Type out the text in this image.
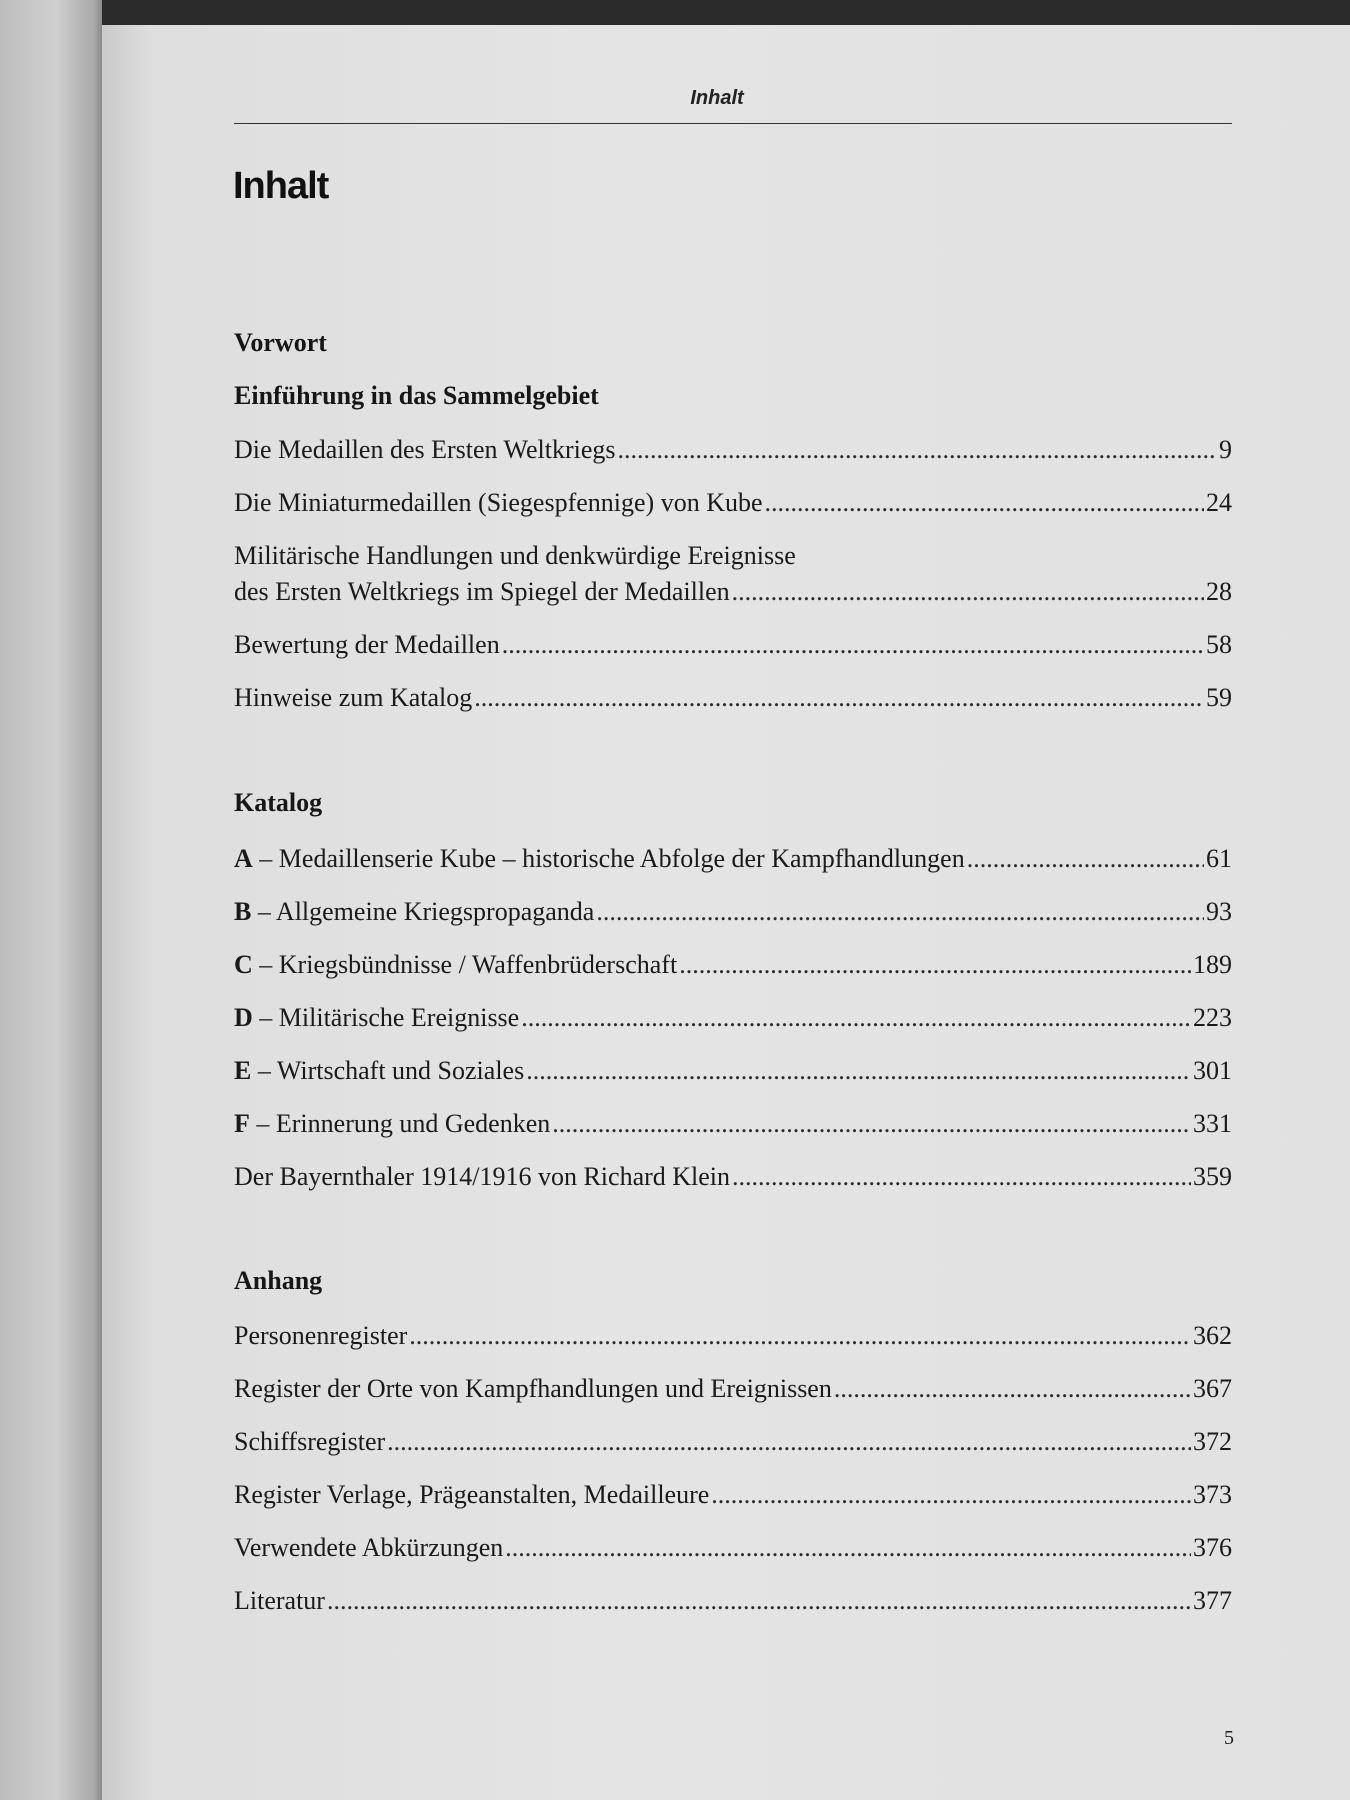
Inhalt
Inhalt
Vorwort
Einführung in das Sammelgebiet
Die Medaillen des Ersten Weltkriegs .....	9
Die Miniaturmedaillen (Siegespfennige) von Kube .....	24
Militärische Handlungen und denkwürdige Ereignisse
des Ersten Weltkriegs im Spiegel der Medaillen .....	28
Bewertung der Medaillen .....	58
Hinweise zum Katalog .....	59
Katalog
A – Medaillenserie Kube – historische Abfolge der Kampfhandlungen .....	61
B – Allgemeine Kriegspropaganda .....	93
C – Kriegsbündnisse / Waffenbrüderschaft .....	189
D – Militärische Ereignisse .....	223
E – Wirtschaft und Soziales .....	301
F – Erinnerung und Gedenken .....	331
Der Bayernthaler 1914/1916 von Richard Klein .....	359
Anhang
Personenregister .....	362
Register der Orte von Kampfhandlungen und Ereignissen .....	367
Schiffsregister .....	372
Register Verlage, Prägeanstalten, Medailleure .....	373
Verwendete Abkürzungen .....	376
Literatur .....	377
5
